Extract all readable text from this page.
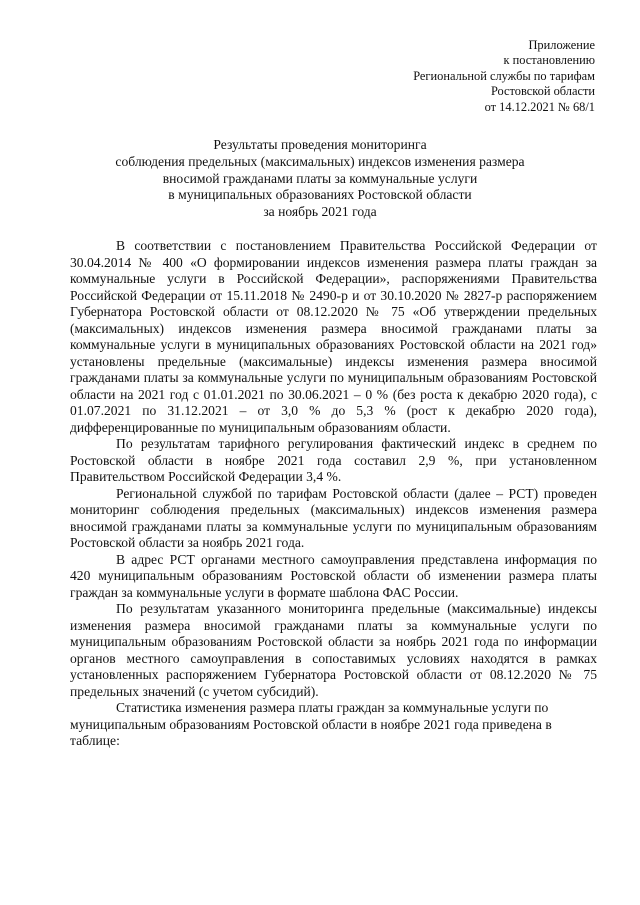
Приложение
к постановлению
Региональной службы по тарифам
Ростовской области
от 14.12.2021 № 68/1
Результаты проведения мониторинга
соблюдения предельных (максимальных) индексов изменения размера
вносимой гражданами платы за коммунальные услуги
в муниципальных образованиях Ростовской области
за ноябрь 2021 года

В соответствии с постановлением Правительства Российской Федерации от 30.04.2014 № 400 «О формировании индексов изменения размера платы граждан за коммунальные услуги в Российской Федерации», распоряжениями Правительства Российской Федерации от 15.11.2018 № 2490-р и от 30.10.2020 № 2827-р распоряжением Губернатора Ростовской области от 08.12.2020 № 75 «Об утверждении предельных (максимальных) индексов изменения размера вносимой гражданами платы за коммунальные услуги в муниципальных образованиях Ростовской области на 2021 год» установлены предельные (максимальные) индексы изменения размера вносимой гражданами платы за коммунальные услуги по муниципальным образованиям Ростовской области на 2021 год с 01.01.2021 по 30.06.2021 – 0 % (без роста к декабрю 2020 года), с 01.07.2021 по 31.12.2021 – от 3,0 % до 5,3 % (рост к декабрю 2020 года), дифференцированные по муниципальным образованиям области.

По результатам тарифного регулирования фактический индекс в среднем по Ростовской области в ноябре 2021 года составил 2,9 %, при установленном Правительством Российской Федерации 3,4 %.

Региональной службой по тарифам Ростовской области (далее – РСТ) проведен мониторинг соблюдения предельных (максимальных) индексов изменения размера вносимой гражданами платы за коммунальные услуги по муниципальным образованиям Ростовской области за ноябрь 2021 года.

В адрес РСТ органами местного самоуправления представлена информация по 420 муниципальным образованиям Ростовской области об изменении размера платы граждан за коммунальные услуги в формате шаблона ФАС России.

По результатам указанного мониторинга предельные (максимальные) индексы изменения размера вносимой гражданами платы за коммунальные услуги по муниципальным образованиям Ростовской области за ноябрь 2021 года по информации органов местного самоуправления в сопоставимых условиях находятся в рамках установленных распоряжением Губернатора Ростовской области от 08.12.2020 № 75 предельных значений (с учетом субсидий).

Статистика изменения размера платы граждан за коммунальные услуги по муниципальным образованиям Ростовской области в ноябре 2021 года приведена в таблице:
